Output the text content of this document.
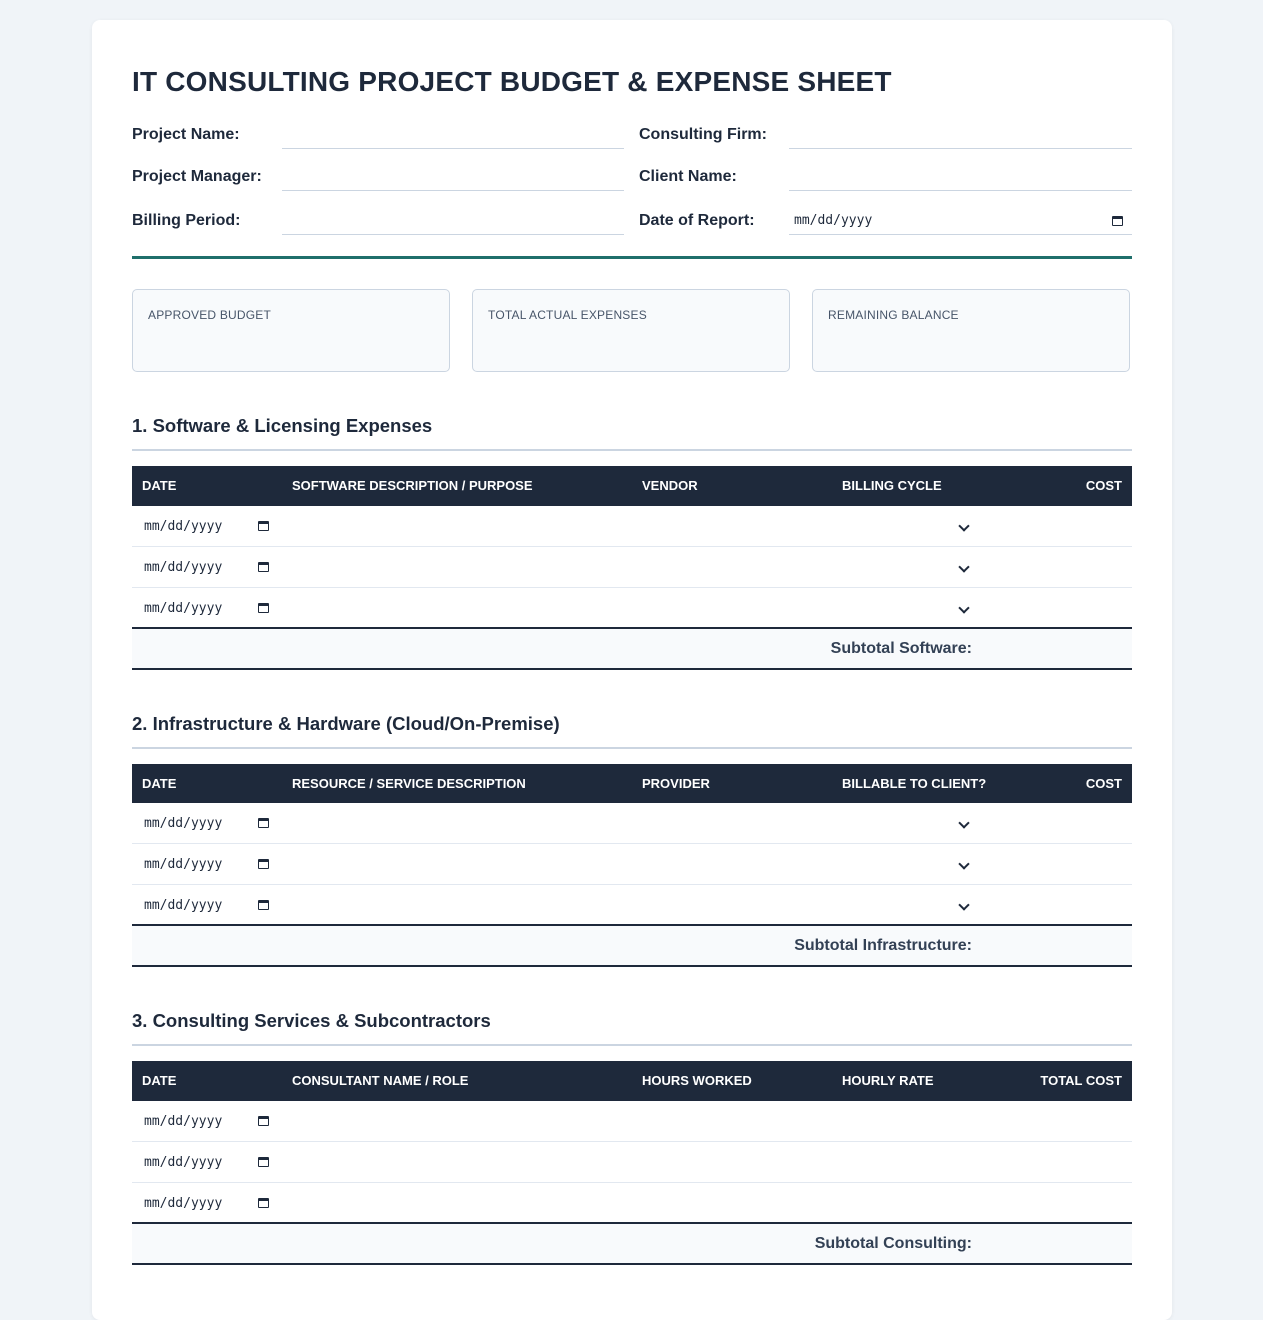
IT CONSULTING PROJECT BUDGET & EXPENSE SHEET
Project Name:	Consulting Firm:
Project Manager:	Client Name:
Billing Period:	Date of Report:	mm/dd/yyyy
APPROVED BUDGET	TOTAL ACTUAL EXPENSES	REMAINING BALANCE
1. Software & Licensing Expenses
DATE	SOFTWARE DESCRIPTION / PURPOSE	VENDOR	BILLING CYCLE	COST
mm/dd/yyyy
mm/dd/yyyy
mm/dd/yyyy
Subtotal Software:
2. Infrastructure & Hardware (Cloud/On-Premise)
DATE	RESOURCE / SERVICE DESCRIPTION	PROVIDER	BILLABLE TO CLIENT?	COST
mm/dd/yyyy
mm/dd/yyyy
mm/dd/yyyy
Subtotal Infrastructure:
3. Consulting Services & Subcontractors
DATE	CONSULTANT NAME / ROLE	HOURS WORKED	HOURLY RATE	TOTAL COST
mm/dd/yyyy
mm/dd/yyyy
mm/dd/yyyy
Subtotal Consulting:
